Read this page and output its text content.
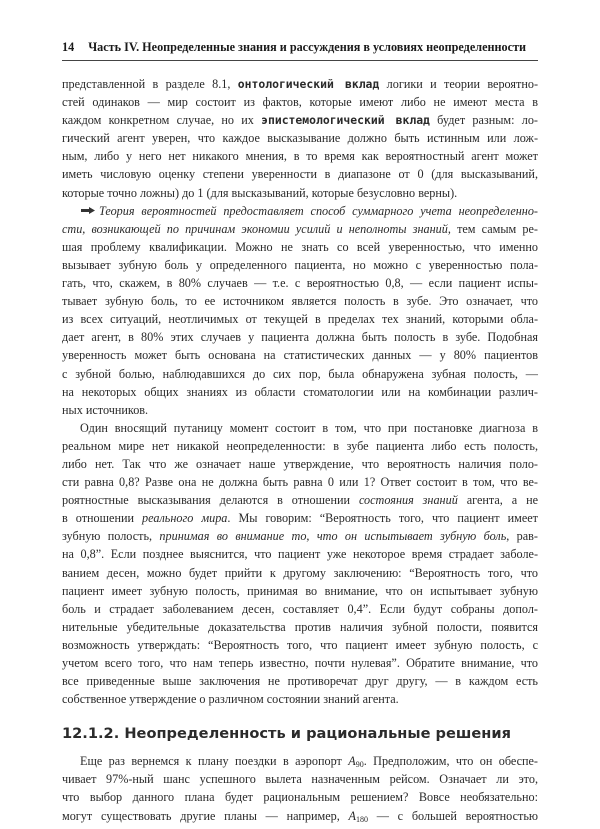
14 Часть IV. Неопределенные знания и рассуждения в условиях неопределенности
представленной в разделе 8.1, онтологический вклад логики и теории вероятно-
стей одинаков — мир состоит из фактов, которые имеют либо не имеют места в
каждом конкретном случае, но их эпистемологический вклад будет разным: ло-
гический агент уверен, что каждое высказывание должно быть истинным или лож-
ным, либо у него нет никакого мнения, в то время как вероятностный агент может
иметь числовую оценку степени уверенности в диапазоне от 0 (для высказываний,
которые точно ложны) до 1 (для высказываний, которые безусловно верны).
Теория вероятностей предоставляет способ суммарного учета неопределенно-
сти, возникающей по причинам экономии усилий и неполноты знаний, тем самым ре-
шая проблему квалификации. Можно не знать со всей уверенностью, что именно
вызывает зубную боль у определенного пациента, но можно с уверенностью пола-
гать, что, скажем, в 80% случаев — т.е. с вероятностью 0,8, — если пациент испы-
тывает зубную боль, то ее источником является полость в зубе. Это означает, что
из всех ситуаций, неотличимых от текущей в пределах тех знаний, которыми обла-
дает агент, в 80% этих случаев у пациента должна быть полость в зубе. Подобная
уверенность может быть основана на статистических данных — у 80% пациентов
с зубной болью, наблюдавшихся до сих пор, была обнаружена зубная полость, —
на некоторых общих знаниях из области стоматологии или на комбинации различ-
ных источников.
Один вносящий путаницу момент состоит в том, что при постановке диагноза в
реальном мире нет никакой неопределенности: в зубе пациента либо есть полость,
либо нет. Так что же означает наше утверждение, что вероятность наличия поло-
сти равна 0,8? Разве она не должна быть равна 0 или 1? Ответ состоит в том, что ве-
роятностные высказывания делаются в отношении состояния знаний агента, а не
в отношении реального мира. Мы говорим: “Вероятность того, что пациент имеет
зубную полость, принимая во внимание то, что он испытывает зубную боль, рав-
на 0,8”. Если позднее выяснится, что пациент уже некоторое время страдает заболе-
ванием десен, можно будет прийти к другому заключению: “Вероятность того, что
пациент имеет зубную полость, принимая во внимание, что он испытывает зубную
боль и страдает заболеванием десен, составляет 0,4”. Если будут собраны допол-
нительные убедительные доказательства против наличия зубной полости, появится
возможность утверждать: “Вероятность того, что пациент имеет зубную полость, с
учетом всего того, что нам теперь известно, почти нулевая”. Обратите внимание, что
все приведенные выше заключения не противоречат друг другу, — в каждом есть
собственное утверждение о различном состоянии знаний агента.
12.1.2. Неопределенность и рациональные решения
Еще раз вернемся к плану поездки в аэропорт $A_{90}$. Предположим, что он обеспе-
чивает 97%-ный шанс успешного вылета назначенным рейсом. Означает ли это,
что выбор данного плана будет рациональным решением? Вовсе необязательно:
могут существовать другие планы — например, $A_{180}$ — с большей вероятностью
